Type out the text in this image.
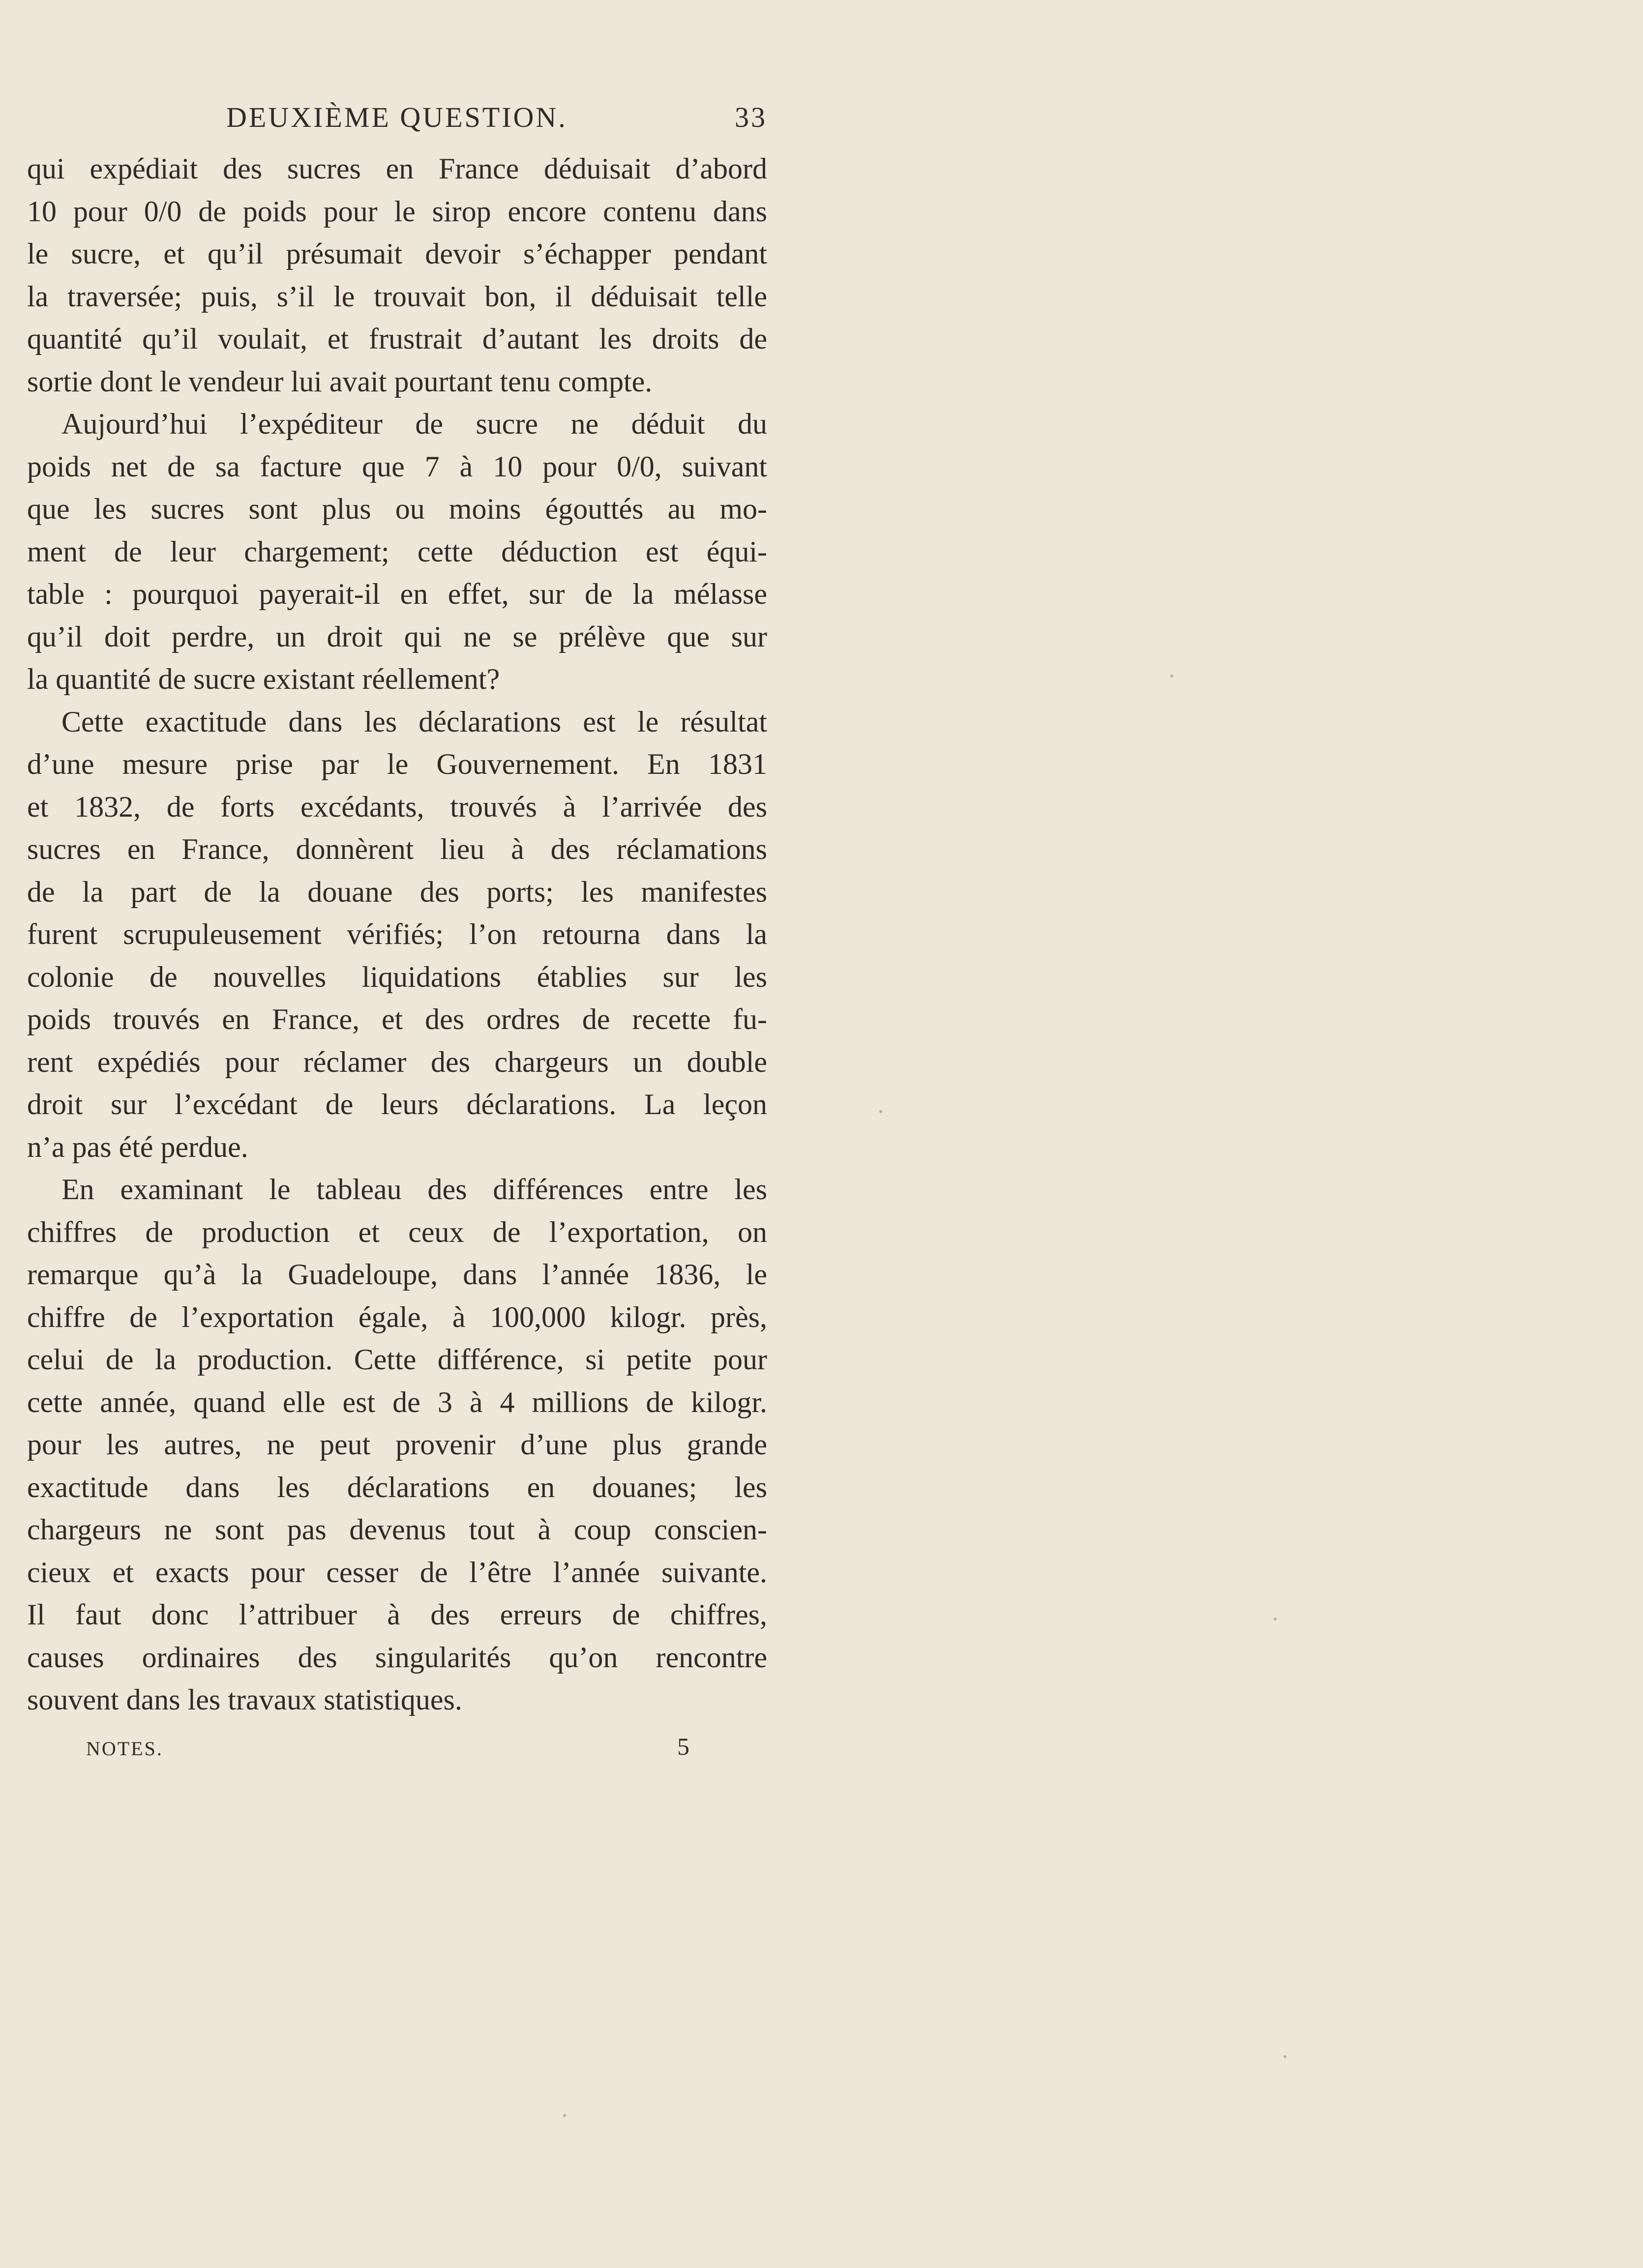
DEUXIÈME QUESTION.	33
qui expédiait des sucres en France déduisait d’abord
10 pour 0/0 de poids pour le sirop encore contenu dans
le sucre, et qu’il présumait devoir s’échapper pendant
la traversée; puis, s’il le trouvait bon, il déduisait telle
quantité qu’il voulait, et frustrait d’autant les droits de
sortie dont le vendeur lui avait pourtant tenu compte.
Aujourd’hui l’expéditeur de sucre ne déduit du
poids net de sa facture que 7 à 10 pour 0/0, suivant
que les sucres sont plus ou moins égouttés au mo-
ment de leur chargement; cette déduction est équi-
table : pourquoi payerait-il en effet, sur de la mélasse
qu’il doit perdre, un droit qui ne se prélève que sur
la quantité de sucre existant réellement?
Cette exactitude dans les déclarations est le résultat
d’une mesure prise par le Gouvernement. En 1831
et 1832, de forts excédants, trouvés à l’arrivée des
sucres en France, donnèrent lieu à des réclamations
de la part de la douane des ports; les manifestes
furent scrupuleusement vérifiés; l’on retourna dans la
colonie de nouvelles liquidations établies sur les
poids trouvés en France, et des ordres de recette fu-
rent expédiés pour réclamer des chargeurs un double
droit sur l’excédant de leurs déclarations. La leçon
n’a pas été perdue.
En examinant le tableau des différences entre les
chiffres de production et ceux de l’exportation, on
remarque qu’à la Guadeloupe, dans l’année 1836, le
chiffre de l’exportation égale, à 100,000 kilogr. près,
celui de la production. Cette différence, si petite pour
cette année, quand elle est de 3 à 4 millions de kilogr.
pour les autres, ne peut provenir d’une plus grande
exactitude dans les déclarations en douanes; les
chargeurs ne sont pas devenus tout à coup conscien-
cieux et exacts pour cesser de l’être l’année suivante.
Il faut donc l’attribuer à des erreurs de chiffres,
causes ordinaires des singularités qu’on rencontre
souvent dans les travaux statistiques.
NOTES.	5
